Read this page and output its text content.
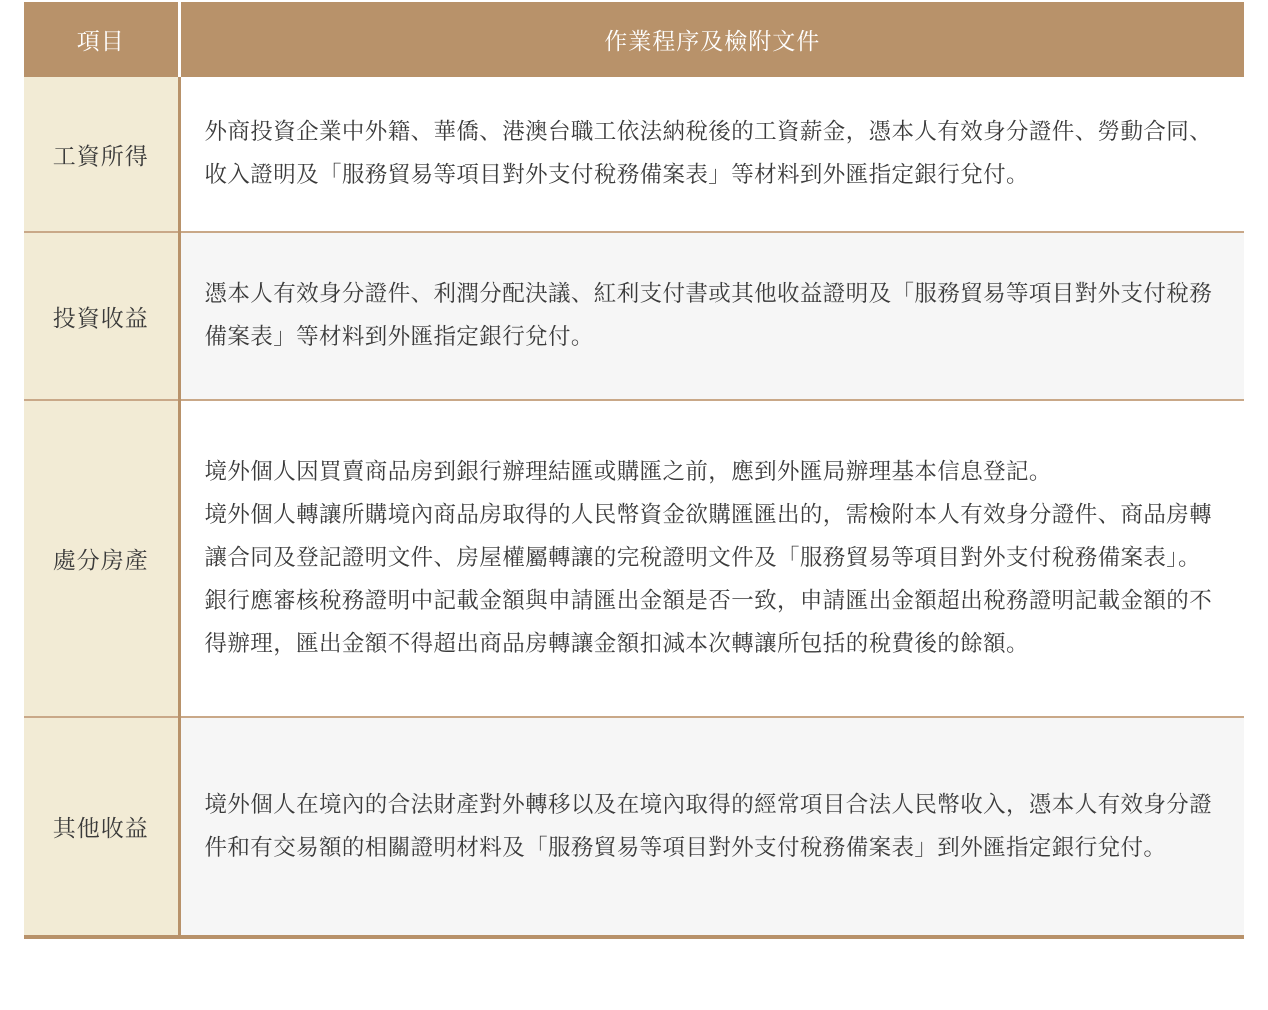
項目	作業程序及檢附文件
工資所得	外商投資企業中外籍、華僑、港澳台職工依法納稅後的工資薪金，憑本人有效身分證件、勞動合同、收入證明及「服務貿易等項目對外支付稅務備案表」等材料到外匯指定銀行兌付。

投資收益	憑本人有效身分證件、利潤分配決議、紅利支付書或其他收益證明及「服務貿易等項目對外支付稅務備案表」等材料到外匯指定銀行兌付。

處分房產	境外個人因買賣商品房到銀行辦理結匯或購匯之前，應到外匯局辦理基本信息登記。

境外個人轉讓所購境內商品房取得的人民幣資金欲購匯匯出的，需檢附本人有效身分證件、商品房轉讓合同及登記證明文件、房屋權屬轉讓的完稅證明文件及「服務貿易等項目對外支付稅務備案表」。

銀行應審核稅務證明中記載金額與申請匯出金額是否一致，申請匯出金額超出稅務證明記載金額的不得辦理，匯出金額不得超出商品房轉讓金額扣減本次轉讓所包括的稅費後的餘額。

其他收益	境外個人在境內的合法財產對外轉移以及在境內取得的經常項目合法人民幣收入，憑本人有效身分證件和有交易額的相關證明材料及「服務貿易等項目對外支付稅務備案表」到外匯指定銀行兌付。
